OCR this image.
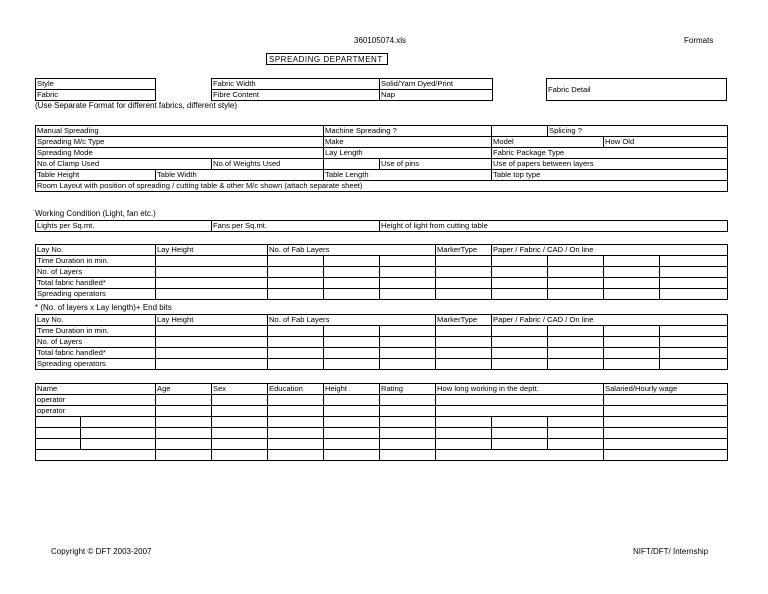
360105074.xls	Formats
SPREADING DEPARTMENT
Style		Fabric Width	Solid/Yarn Dyed/Print
Fabric		Fibre Content	Nap
Fabric Detail
(Use Separate Format for different fabrics, different style)
Manual Spreading			Machine Spreading ?			Splicing ?	
Spreading M/c Type			Make		Model		How Old
Spreading Mode			Lay Length		Fabric Package Type		
No.of Clamp Used		No.of Weights Used		Use of pins	Use of papers between layers		
Table Height	Table Width		Table Length		Table top type		
Room Layout with position of spreading / cutting table & other M/c shown (attach separate sheet)							
Working Condition (Light, fan etc.)
Lights per Sq.mt.	Fans per Sq.mt.	Height of light from cutting table
Lay No.	Lay Height	No. of Fab Layers			MarkerType	Paper / Fabric / CAD / On line			
Time Duration in min.									
No. of Layers									
Total fabric handled*									
Spreading operators									
* (No. of layers x Lay length)+ End bits
Lay No.	Lay Height	No. of Fab Layers			MarkerType	Paper / Fabric / CAD / On line			
Time Duration in min.									
No. of Layers									
Total fabric handled*									
Spreading operators									
Name		Age	Sex	Education	Height	Rating	How long working in the deptt.			Salaried/Hourly wage
operator										
operator										

Copyright © DFT 2003-2007	NIFT/DFT/ Internship
